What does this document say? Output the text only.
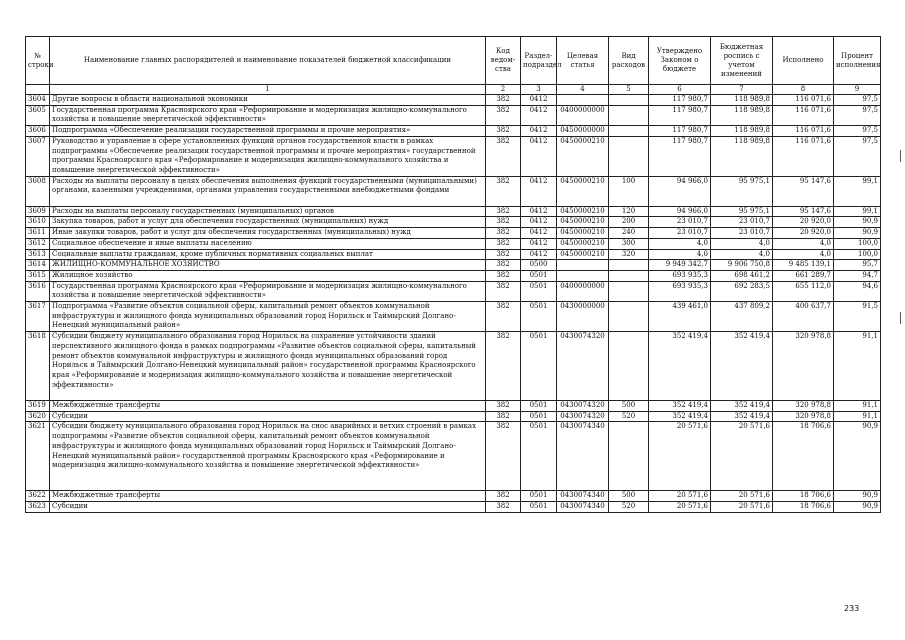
№ строки	Наименование главных распорядителей и наименование показателей бюджетной классификации	Код ведом-ства	Раздел-подраздел	Целевая статья	Вид расходов	Утверждено Законом о бюджете	Бюджетная роспись с учетом изменений	Исполнено	Процент исполнения
	1	2	3	4	5	6	7	8	9
3604	Другие вопросы в области национальной экономики	382	0412			117 980,7	118 989,8	116 071,6	97,5
3605	Государственная программа Красноярского края «Реформирование и модернизация жилищно-коммунального хозяйства и повышение энергетической эффективности»	382	0412	0400000000		117 980,7	118 989,8	116 071,6	97,5
3606	Подпрограмма «Обеспечение реализации государственной программы и прочие мероприятия»	382	0412	0450000000		117 980,7	118 989,8	116 071,6	97,5
3607	Руководство и управление в сфере установленных функций органов государственной власти в рамках подпрограммы «Обеспечение реализации государственной программы и прочие мероприятия» государственной программы Красноярского края «Реформирование и модернизация жилищно-коммунального хозяйства и повышение энергетической эффективности»	382	0412	0450000210		117 980,7	118 989,8	116 071,6	97,5
3608	Расходы на выплаты персоналу в целях обеспечения выполнения функций государственными (муниципальными) органами, казенными учреждениями, органами управления государственными внебюджетными фондами	382	0412	0450000210	100	94 966,0	95 975,1	95 147,6	99,1
3609	Расходы на выплаты персоналу государственных (муниципальных) органов	382	0412	0450000210	120	94 966,0	95 975,1	95 147,6	99,1
3610	Закупка товаров, работ и услуг для обеспечения государственных (муниципальных) нужд	382	0412	0450000210	200	23 010,7	23 010,7	20 920,0	90,9
3611	Иные закупки товаров, работ и услуг для обеспечения государственных (муниципальных) нужд	382	0412	0450000210	240	23 010,7	23 010,7	20 920,0	90,9
3612	Социальное обеспечение и иные выплаты населению	382	0412	0450000210	300	4,0	4,0	4,0	100,0
3613	Социальные выплаты гражданам, кроме публичных нормативных социальных выплат	382	0412	0450000210	320	4,0	4,0	4,0	100,0
3614	ЖИЛИЩНО-КОММУНАЛЬНОЕ ХОЗЯЙСТВО	382	0500			9 949 342,7	9 906 750,8	9 485 139,1	95,7
3615	Жилищное хозяйство	382	0501			693 935,3	698 461,2	661 289,7	94,7
3616	Государственная программа Красноярского края «Реформирование и модернизация жилищно-коммунального хозяйства и повышение энергетической эффективности»	382	0501	0400000000		693 935,3	692 283,5	655 112,0	94,6
3617	Подпрограмма «Развитие объектов социальной сферы, капитальный ремонт объектов коммунальной инфраструктуры и жилищного фонда муниципальных образований город Норильск и Таймырский Долгано-Ненецкий муниципальный район»	382	0501	0430000000		439 461,0	437 809,2	400 637,7	91,5
3618	Субсидии бюджету муниципального образования город Норильск на сохранение устойчивости зданий перспективного жилищного фонда в рамках подпрограммы «Развитие объектов социальной сферы, капитальный ремонт объектов коммунальной инфраструктуры и жилищного фонда муниципальных образований город Норильск и Таймырский Долгано-Ненецкий муниципальный район» государственной программы Красноярского края «Реформирование и модернизация жилищно-коммунального хозяйства и повышение энергетической эффективности»	382	0501	0430074320		352 419,4	352 419,4	320 978,8	91,1
3619	Межбюджетные трансферты	382	0501	0430074320	500	352 419,4	352 419,4	320 978,8	91,1
3620	Субсидии	382	0501	0430074320	520	352 419,4	352 419,4	320 978,8	91,1
3621	Субсидии бюджету муниципального образования город Норильск на снос аварийных и ветхих строений в рамках подпрограммы «Развитие объектов социальной сферы, капитальный ремонт объектов коммунальной инфраструктуры и жилищного фонда муниципальных образований город Норильск и Таймырский Долгано-Ненецкий муниципальный район» государственной программы Красноярского края «Реформирование и модернизация жилищно-коммунального хозяйства и повышение энергетической эффективности»	382	0501	0430074340		20 571,6	20 571,6	18 706,6	90,9
3622	Межбюджетные трансферты	382	0501	0430074340	500	20 571,6	20 571,6	18 706,6	90,9
3623	Субсидии	382	0501	0430074340	520	20 571,6	20 571,6	18 706,6	90,9
233
